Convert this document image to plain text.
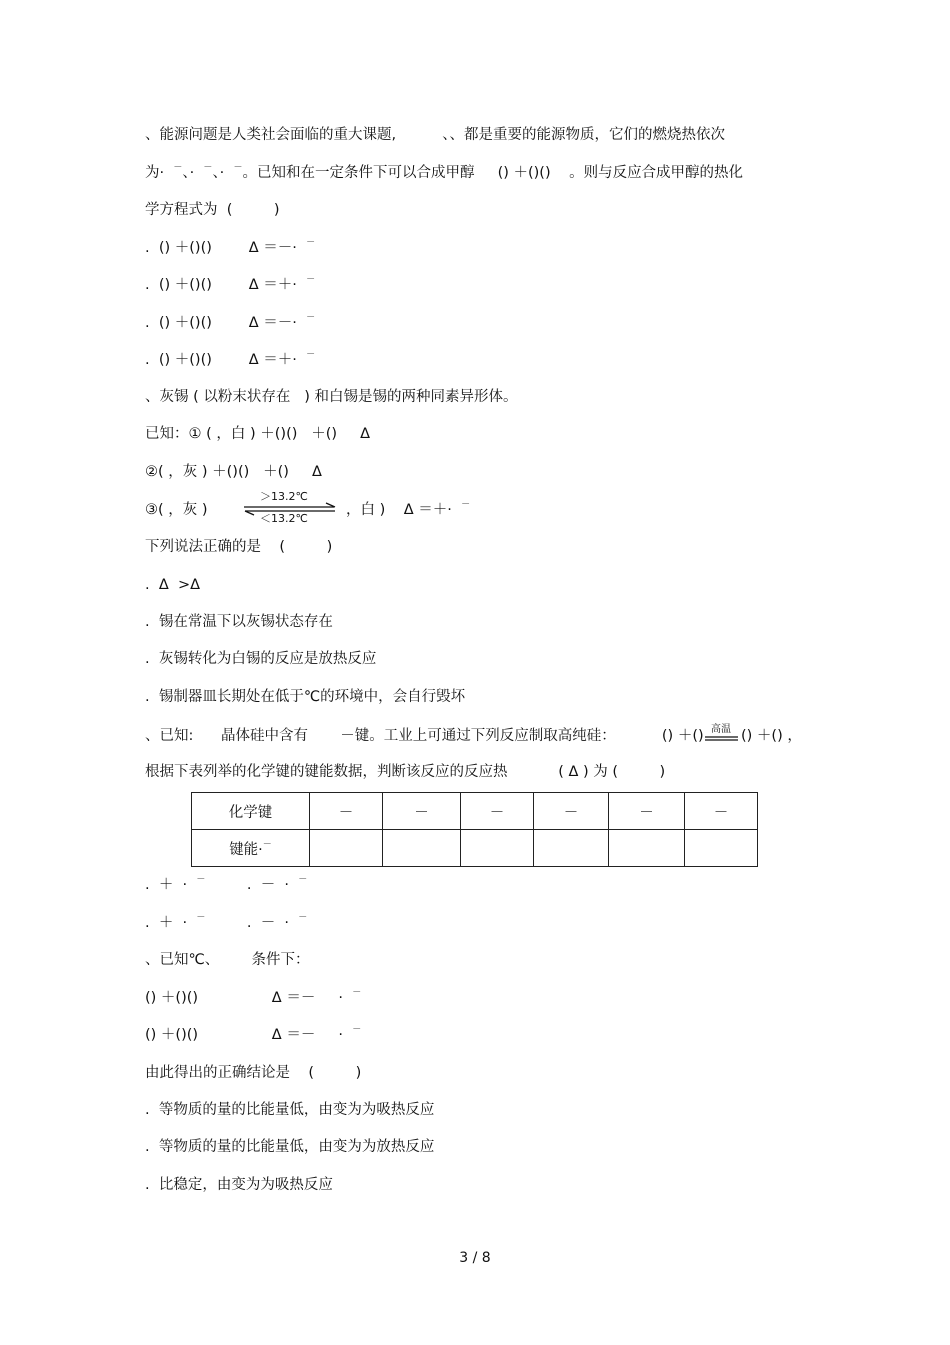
、能源问题是人类社会面临的重大课题,          、、都是重要的能源物质，它们的燃烧热依次
为·  －、·  －、·  －。已知和在一定条件下可以合成甲醇     () ＋()()    。则与反应合成甲醇的热化
学方程式为  (         )
.  () ＋()()        Δ ＝－·  －
.  () ＋()()        Δ ＝＋·  －
.  () ＋()()        Δ ＝－·  －
.  () ＋()()        Δ ＝＋·  －
、灰锡 ( 以粉末状存在   ) 和白锡是锡的两种同素异形体。
已知：① ( ，白 ) ＋()()   ＋()     Δ
②( ，灰 ) ＋()()   ＋()     Δ
③( ，灰 )
＞13.2℃
＜13.2℃
，白 )    Δ ＝＋·  －
下列说法正确的是    (         )
.  Δ  >Δ
.  锡在常温下以灰锡状态存在
.  灰锡转化为白锡的反应是放热反应
.  锡制器皿长期处在低于℃的环境中，会自行毁坏
、已知:      晶体硅中含有       －键。工业上可通过下列反应制取高纯硅：          () ＋() 高温 () ＋() ，
根据下表列举的化学键的键能数据，判断该反应的反应热           ( Δ ) 为 (         )
化学键	－	－	－	－	－	－
键能·－						
.  ＋  ·  －         .  －  ·  －
.  ＋  ·  －         .  －  ·  －
、已知℃、       条件下：
() ＋()()                Δ ＝－     ·  －
() ＋()()                Δ ＝－     ·  －
由此得出的正确结论是    (         )
.  等物质的量的比能量低，由变为为吸热反应
.  等物质的量的比能量低，由变为为放热反应
.  比稳定，由变为为吸热反应
3 / 8
